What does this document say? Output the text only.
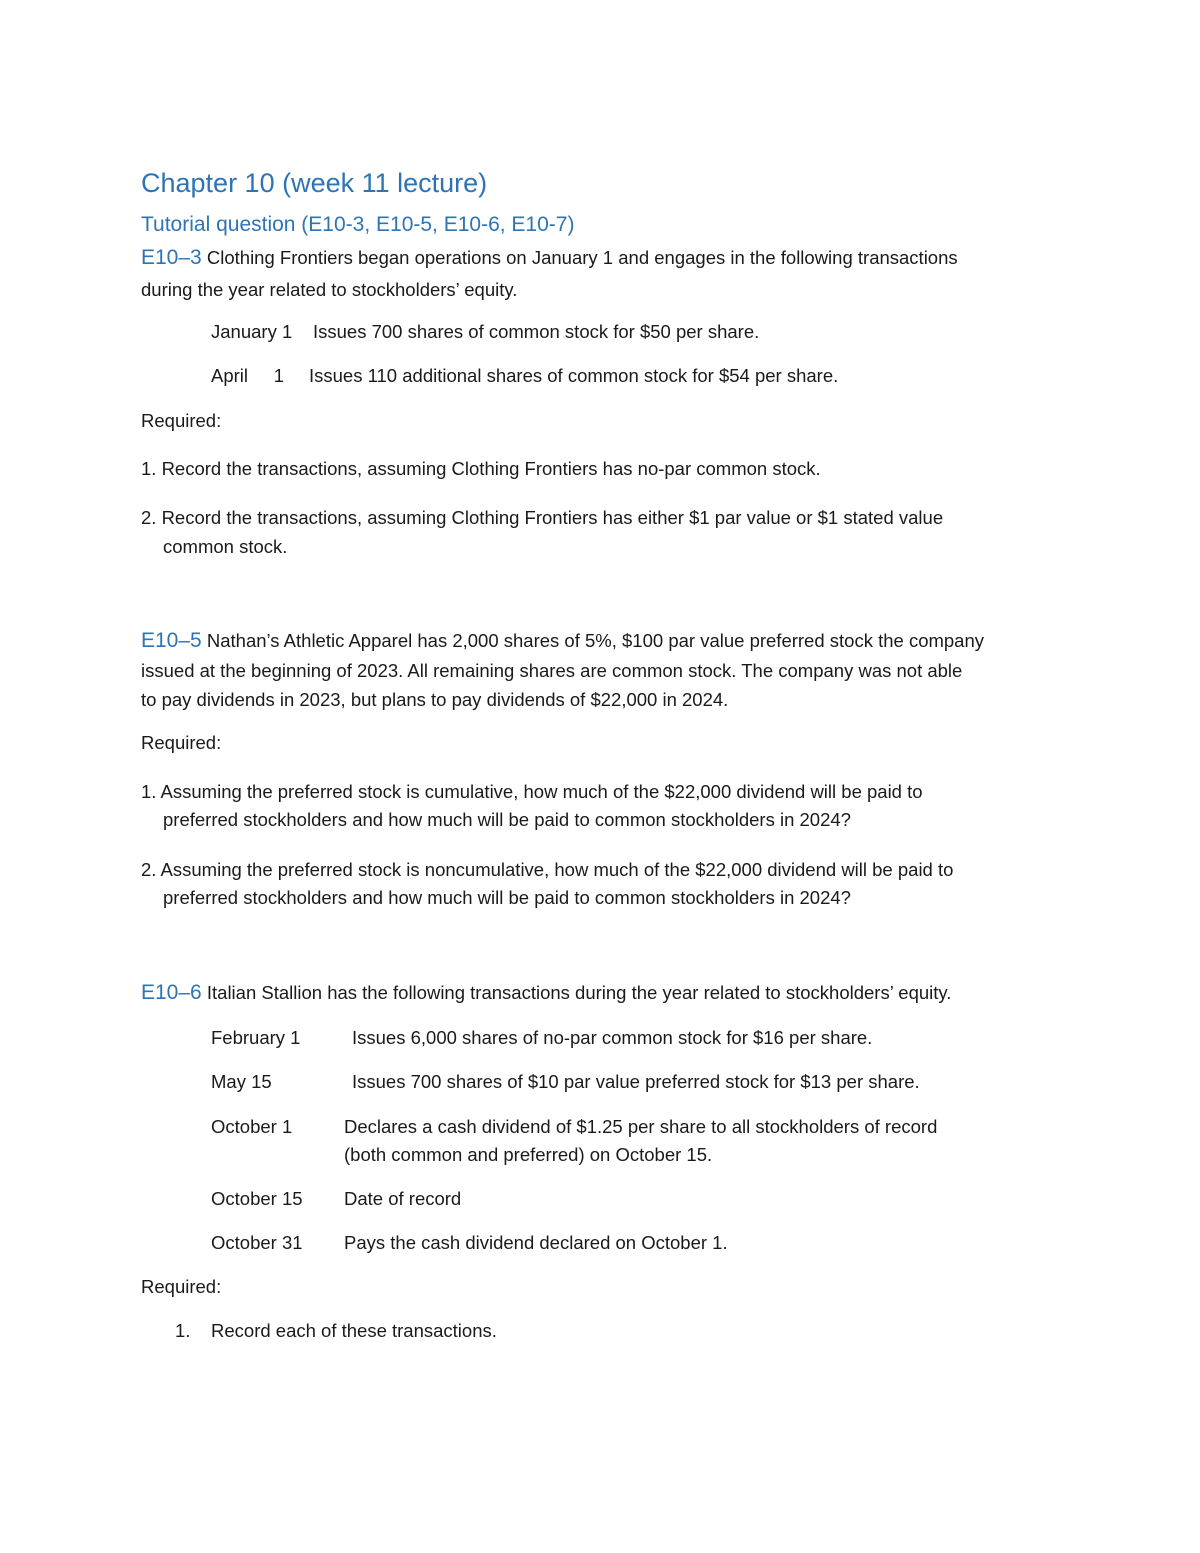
Chapter 10 (week 11 lecture)
Tutorial question (E10-3, E10-5, E10-6, E10-7)
E10–3 Clothing Frontiers began operations on January 1 and engages in the following transactions
during the year related to stockholders’ equity.
January 1 Issues 700 shares of common stock for $50 per share.
April     1 Issues 110 additional shares of common stock for $54 per share.
Required:
1. Record the transactions, assuming Clothing Frontiers has no-par common stock.
2. Record the transactions, assuming Clothing Frontiers has either $1 par value or $1 stated value
common stock.
E10–5 Nathan’s Athletic Apparel has 2,000 shares of 5%, $100 par value preferred stock the company
issued at the beginning of 2023. All remaining shares are common stock. The company was not able
to pay dividends in 2023, but plans to pay dividends of $22,000 in 2024.
Required:
1. Assuming the preferred stock is cumulative, how much of the $22,000 dividend will be paid to
preferred stockholders and how much will be paid to common stockholders in 2024?
2. Assuming the preferred stock is noncumulative, how much of the $22,000 dividend will be paid to
preferred stockholders and how much will be paid to common stockholders in 2024?
E10–6 Italian Stallion has the following transactions during the year related to stockholders’ equity.
February 1	Issues 6,000 shares of no-par common stock for $16 per share.
May 15	Issues 700 shares of $10 par value preferred stock for $13 per share.
October 1	Declares a cash dividend of $1.25 per share to all stockholders of record
(both common and preferred) on October 15.
October 15 Date of record
October 31 Pays the cash dividend declared on October 1.
Required:
1. Record each of these transactions.
